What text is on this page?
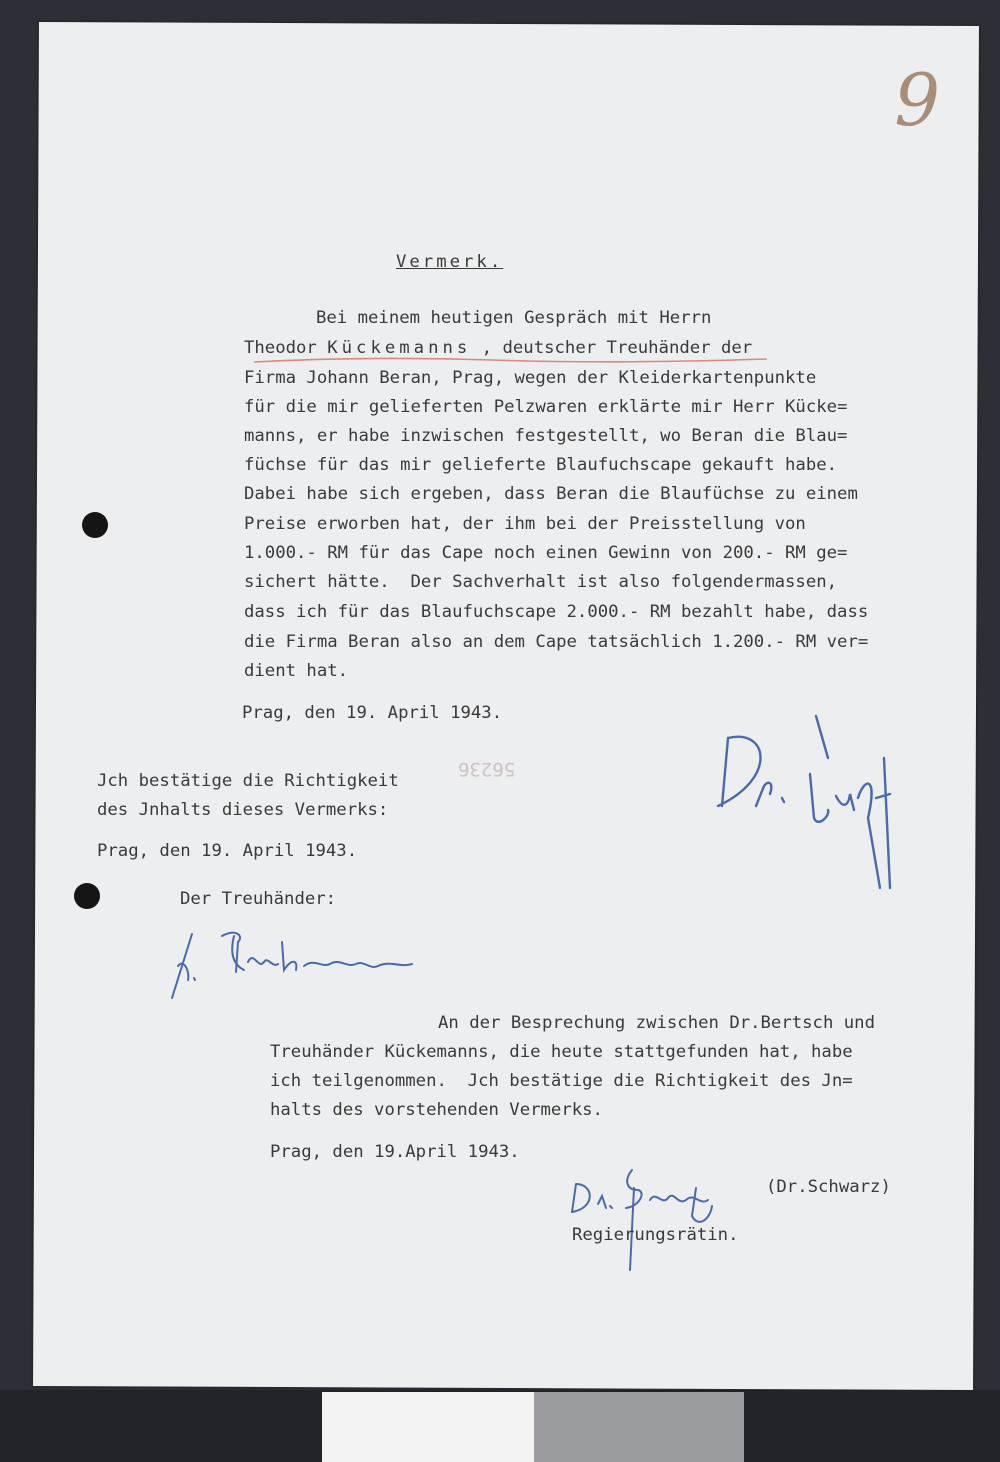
9
Vermerk.
Bei meinem heutigen Gespräch mit Herrn
Theodor Kückemanns , deutscher Treuhänder der
Firma Johann Beran, Prag, wegen der Kleiderkartenpunkte
für die mir gelieferten Pelzwaren erklärte mir Herr Kücke=
manns, er habe inzwischen festgestellt, wo Beran die Blau=
füchse für das mir gelieferte Blaufuchscape gekauft habe.
Dabei habe sich ergeben, dass Beran die Blaufüchse zu einem
Preise erworben hat, der ihm bei der Preisstellung von
1.000.- RM für das Cape noch einen Gewinn von 200.- RM ge=
sichert hätte.  Der Sachverhalt ist also folgendermassen,
dass ich für das Blaufuchscape 2.000.- RM bezahlt habe, dass
die Firma Beran also an dem Cape tatsächlich 1.200.- RM ver=
dient hat.
Prag, den 19. April 1943.
56236
Jch bestätige die Richtigkeit
des Jnhalts dieses Vermerks:
Prag, den 19. April 1943.
Der Treuhänder:
An der Besprechung zwischen Dr.Bertsch und
Treuhänder Kückemanns, die heute stattgefunden hat, habe
ich teilgenommen.  Jch bestätige die Richtigkeit des Jn=
halts des vorstehenden Vermerks.
Prag, den 19.April 1943.
(Dr.Schwarz)
Regierungsrätin.
